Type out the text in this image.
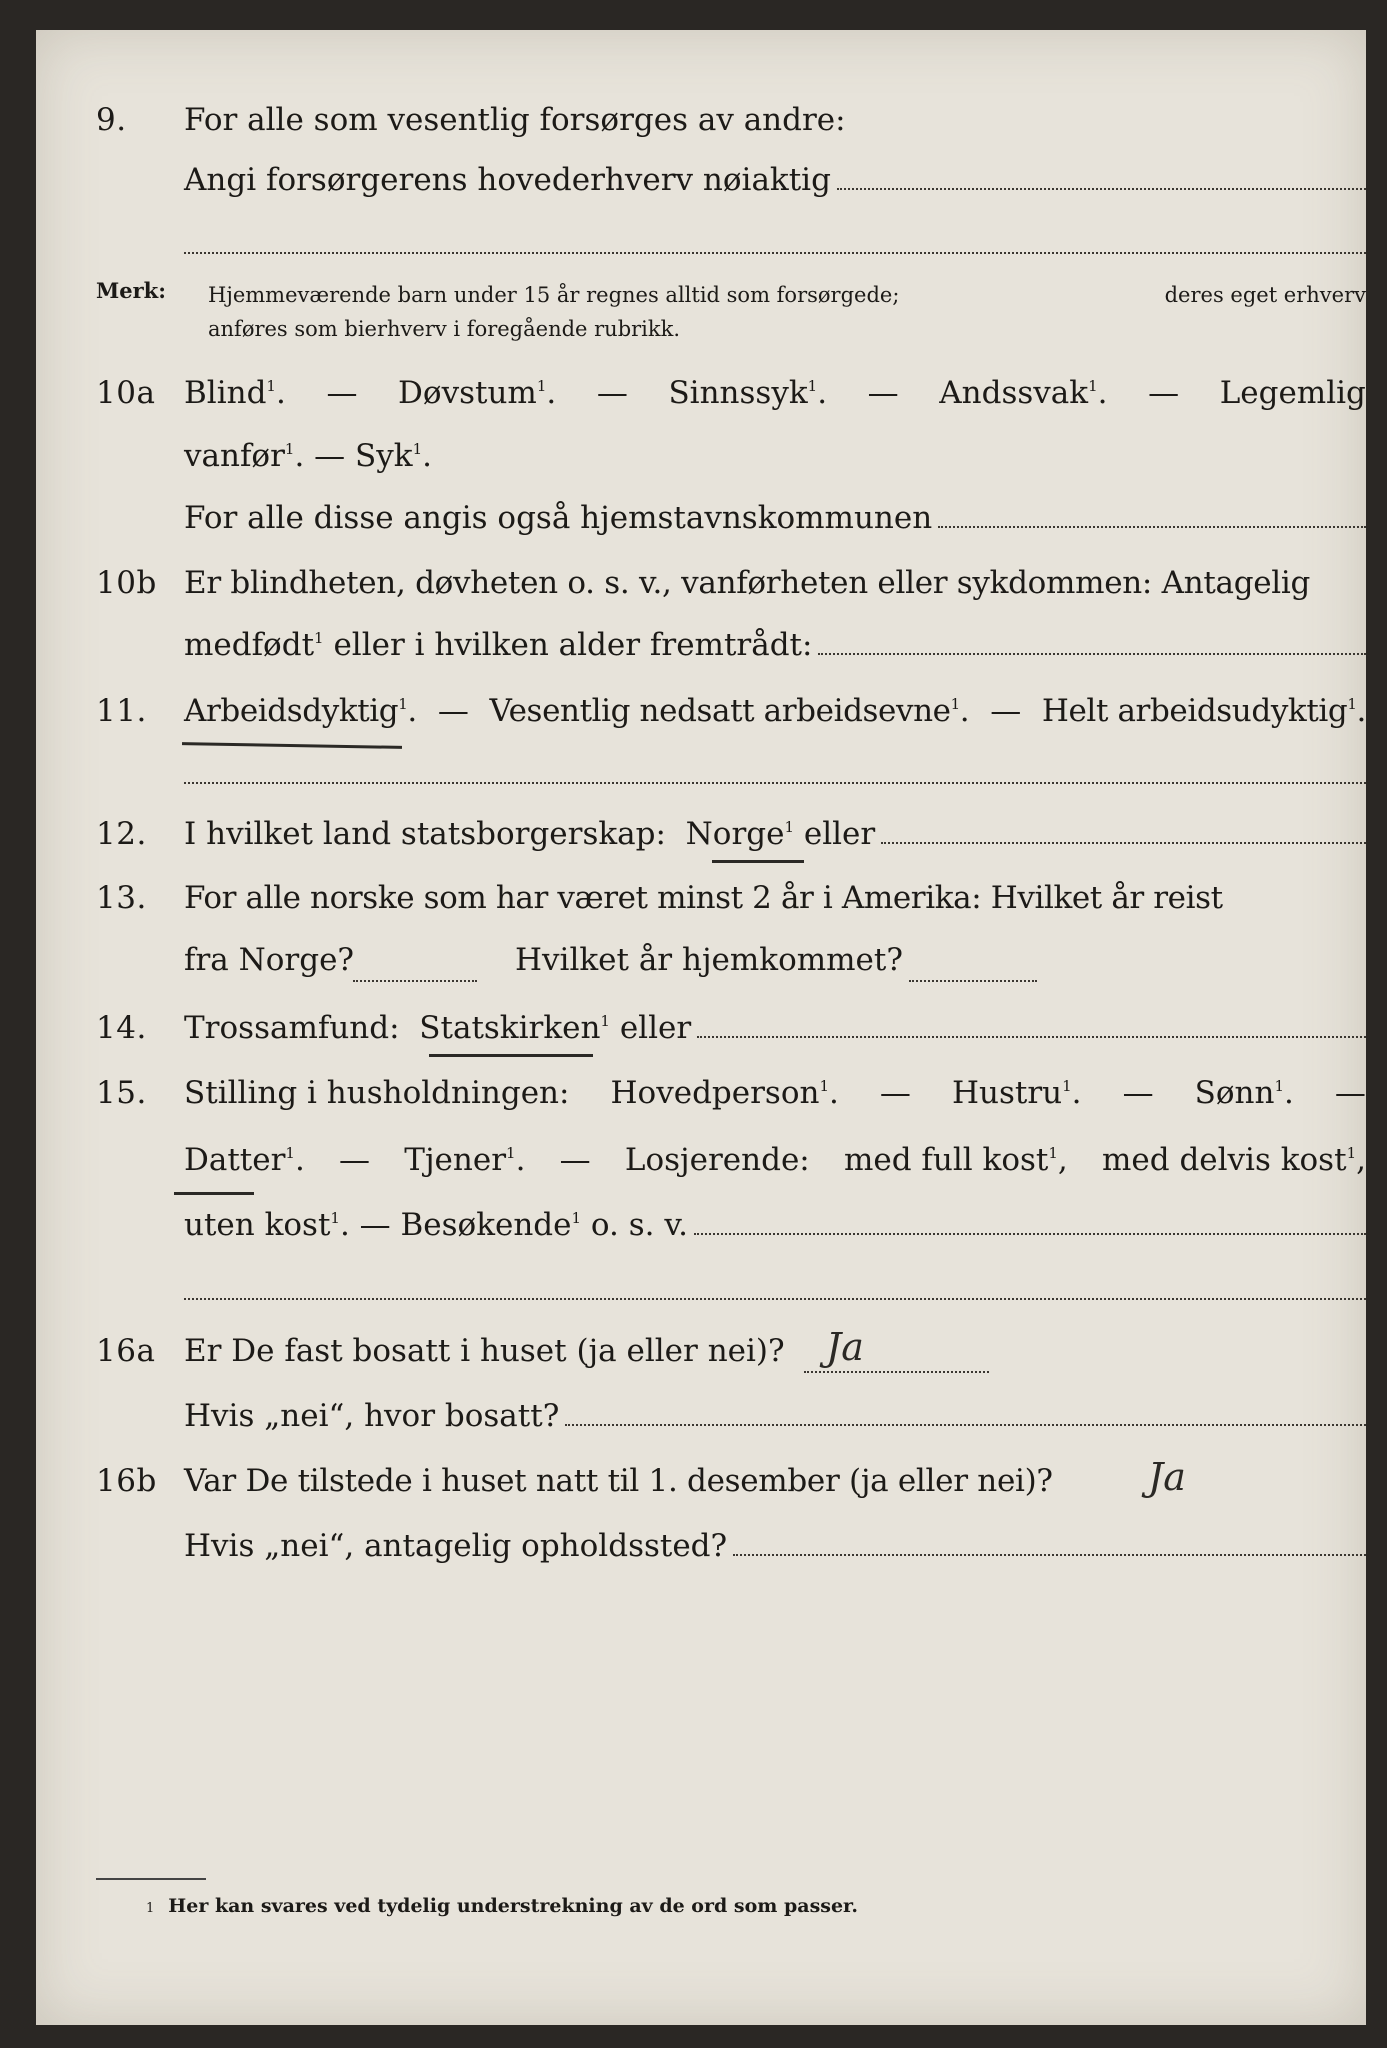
9. For alle som vesentlig forsørges av andre:
Angi forsørgerens hovederhverv nøiaktig
Merk: Hjemmeværende barn under 15 år regnes alltid som forsørgede;	deres eget erhverv
anføres som bierhverv i foregående rubrikk.
10a Blind$^1$. — Døvstum$^1$. — Sinnssyk$^1$. — Andssvak$^1$. — Legemlig
vanfør$^1$. — Syk$^1$.
For alle disse angis også hjemstavnskommunen
10b Er blindheten, døvheten o. s. v., vanførheten eller sykdommen: Antagelig
medfødt$^1$ eller i hvilken alder fremtrådt:
11. Arbeidsdyktig$^1$. — Vesentlig nedsatt arbeidsevne$^1$. — Helt arbeidsudyktig$^1$.
12. I hvilket land statsborgerskap: Norge$^1$ eller
13. For alle norske som har været minst 2 år i Amerika: Hvilket år reist
fra Norge?	Hvilket år hjemkommet?
14. Trossamfund: Statskirken$^1$ eller
15. Stilling i husholdningen: Hovedperson$^1$. — Hustru$^1$. — Sønn$^1$. —
Datter$^1$. — Tjener$^1$. — Losjerende: med full kost$^1$, med delvis kost$^1$,
uten kost$^1$. — Besøkende$^1$ o. s. v.
16a Er De fast bosatt i huset (ja eller nei)?	Ja
Hvis „nei“, hvor bosatt?
16b Var De tilstede i huset natt til 1. desember (ja eller nei)?	Ja
Hvis „nei“, antagelig opholdssted?
1 Her kan svares ved tydelig understrekning av de ord som passer.
